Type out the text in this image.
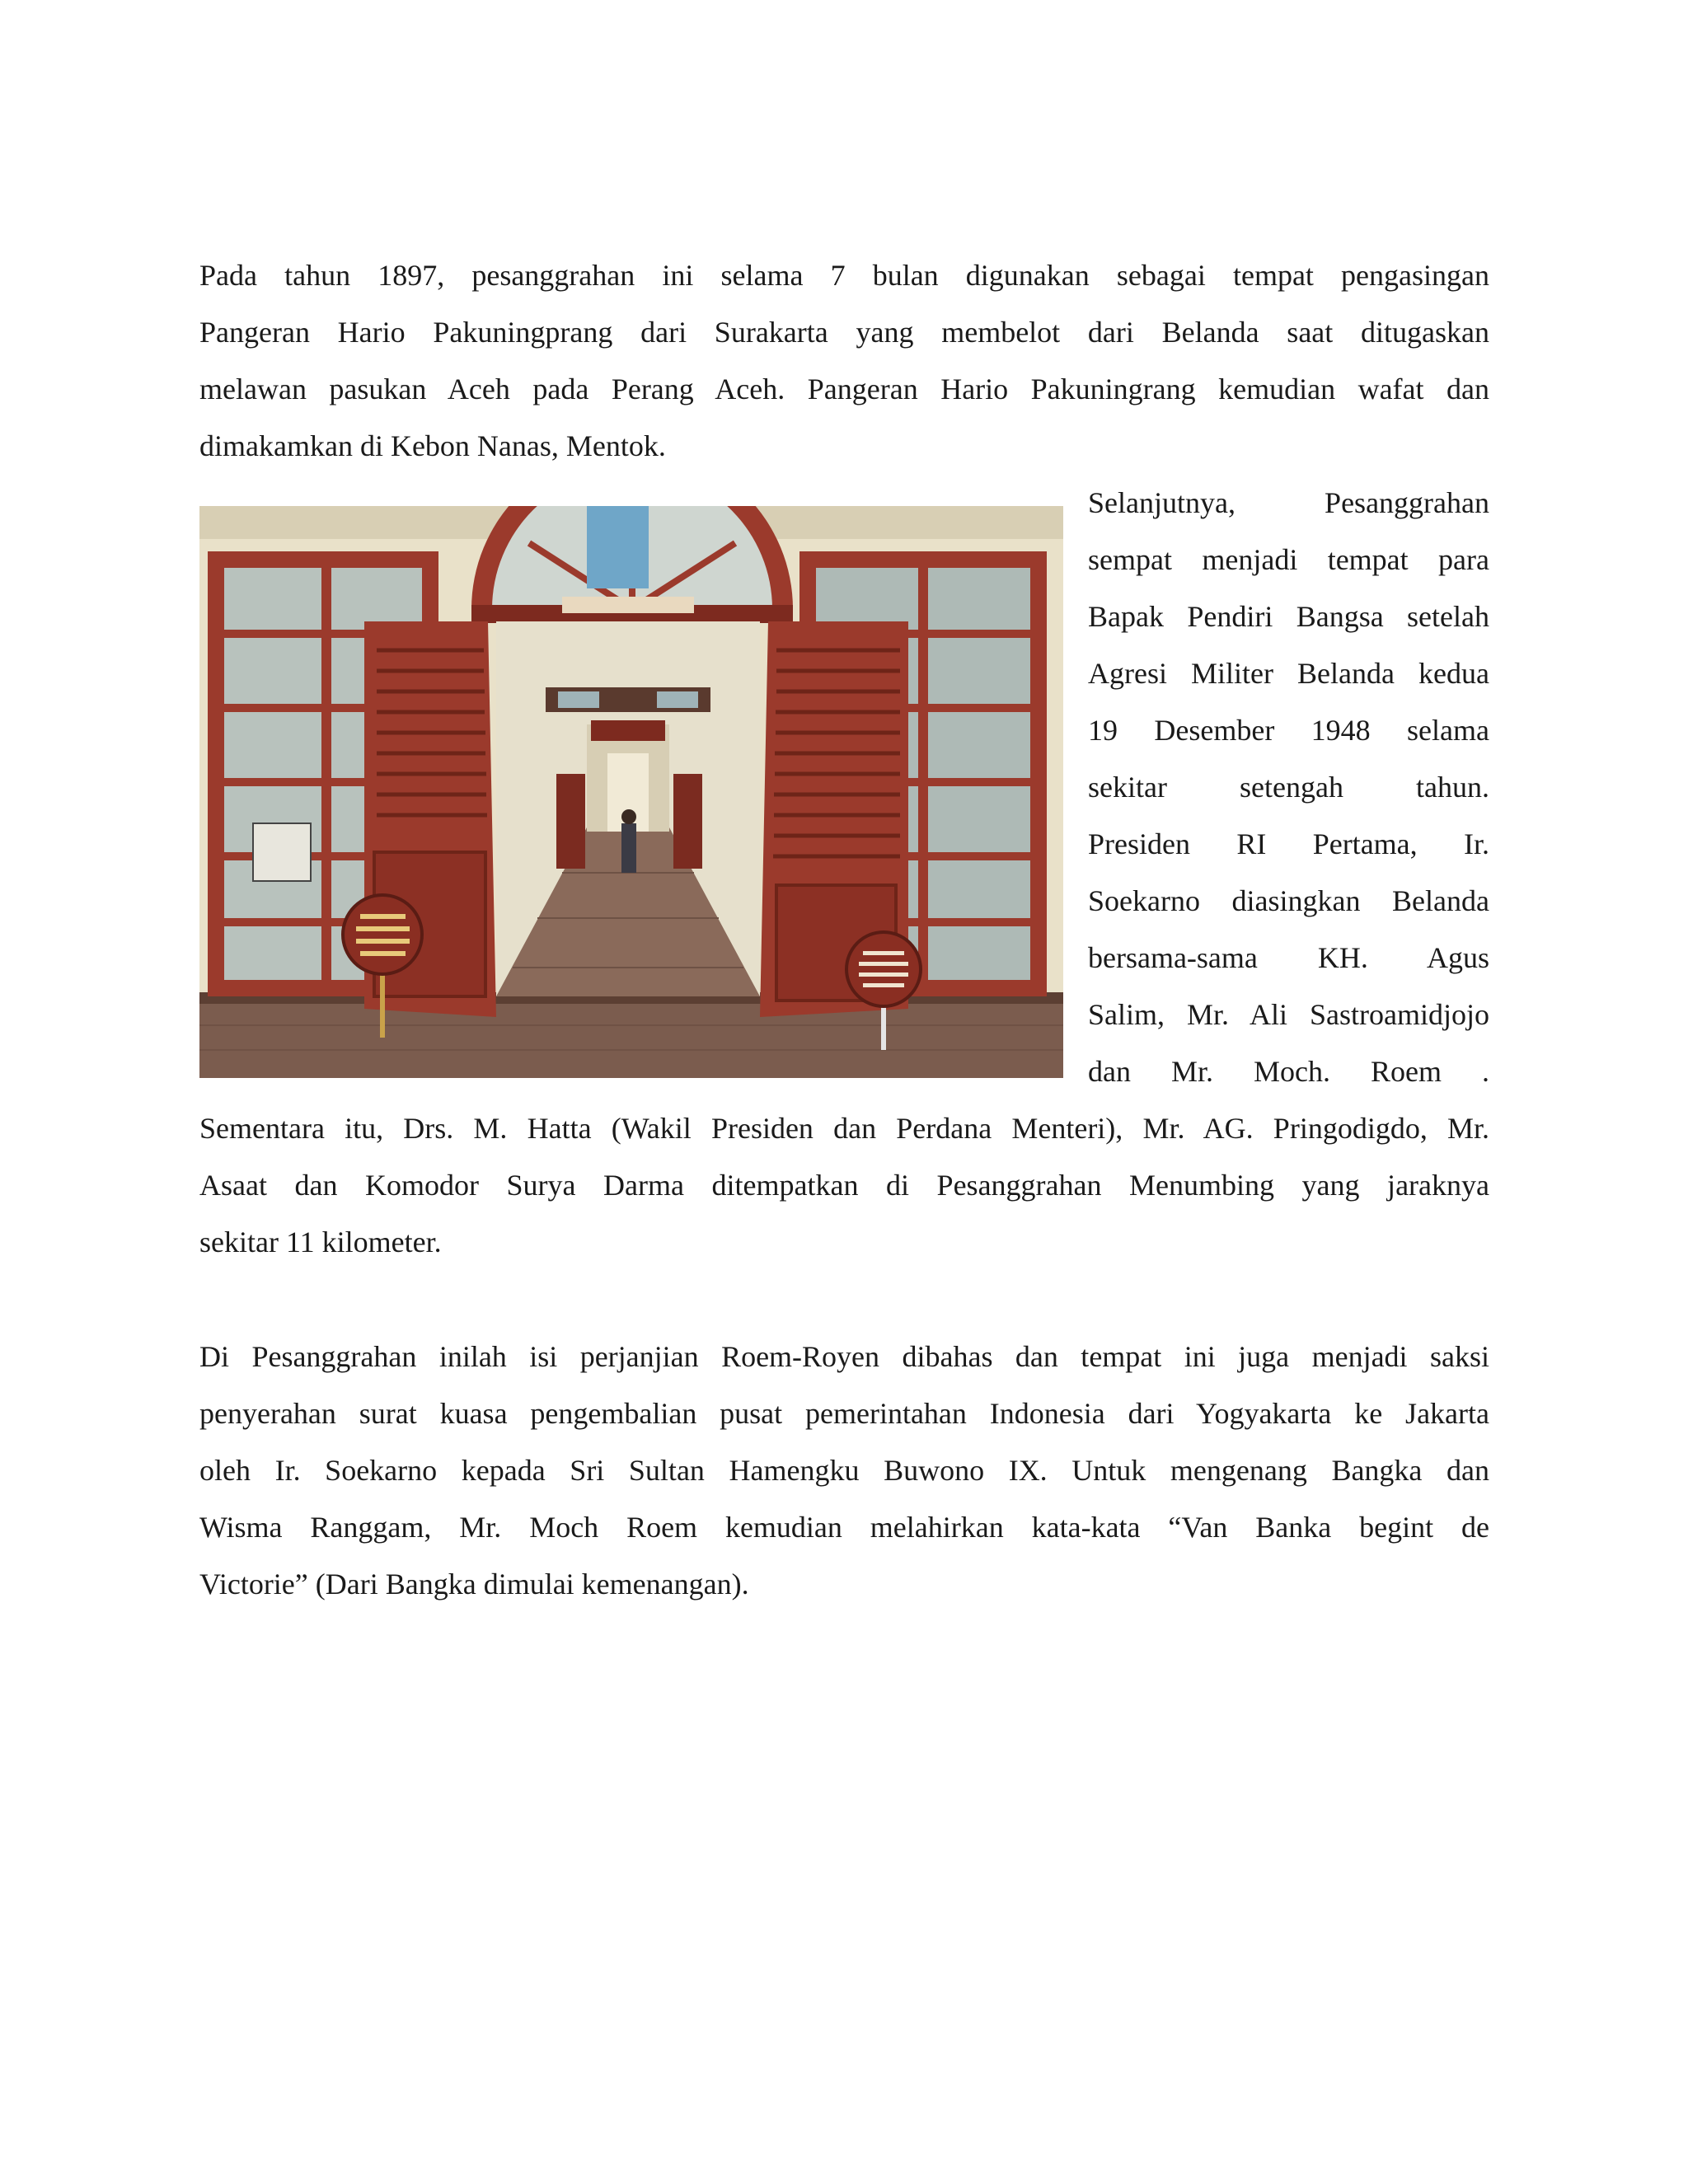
Pada tahun 1897, pesanggrahan ini selama 7 bulan digunakan sebagai tempat pengasingan
Pangeran Hario Pakuningprang dari Surakarta yang membelot dari Belanda saat ditugaskan
melawan pasukan Aceh pada Perang Aceh. Pangeran Hario Pakuningrang kemudian wafat dan
dimakamkan di Kebon Nanas, Mentok.
Selanjutnya, Pesanggrahan
sempat menjadi tempat para
Bapak Pendiri Bangsa setelah
Agresi Militer Belanda kedua
19 Desember 1948 selama
sekitar setengah tahun.
Presiden RI Pertama, Ir.
Soekarno diasingkan Belanda
bersama-sama KH. Agus
Salim, Mr. Ali Sastroamidjojo
dan Mr. Moch. Roem .
Sementara itu, Drs. M. Hatta (Wakil Presiden dan Perdana Menteri), Mr. AG. Pringodigdo, Mr.
Asaat dan Komodor Surya Darma ditempatkan di Pesanggrahan Menumbing yang jaraknya
sekitar 11 kilometer.
Di Pesanggrahan inilah isi perjanjian Roem-Royen dibahas dan tempat ini juga menjadi saksi
penyerahan surat kuasa pengembalian pusat pemerintahan Indonesia dari Yogyakarta ke Jakarta
oleh Ir. Soekarno kepada Sri Sultan Hamengku Buwono IX. Untuk mengenang Bangka dan
Wisma Ranggam, Mr. Moch Roem kemudian melahirkan kata-kata “Van Banka begint de
Victorie” (Dari Bangka dimulai kemenangan).
